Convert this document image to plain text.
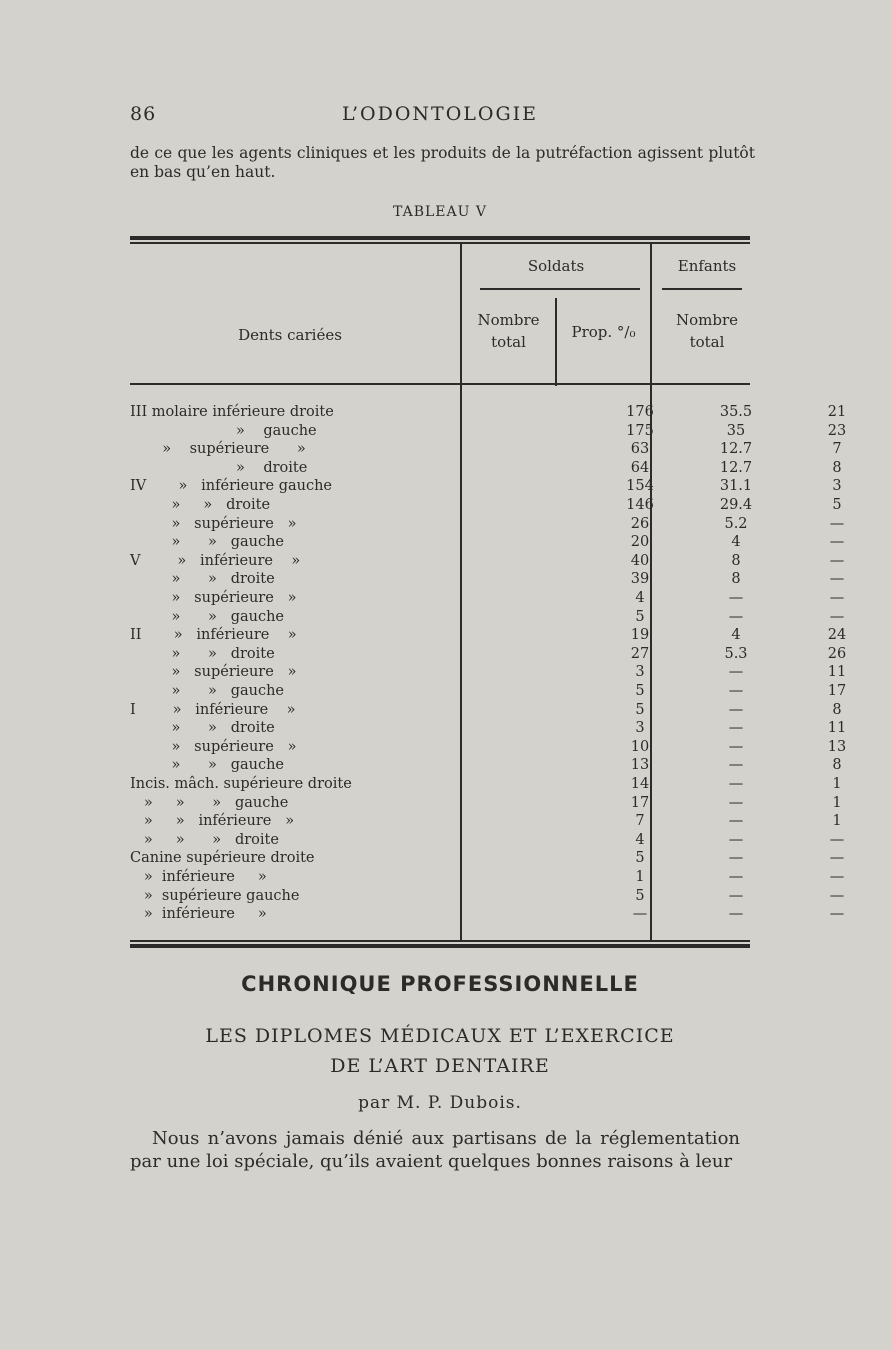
86	L’ODONTOLOGIE
de ce que les agents cliniques et les produits de la putréfaction agissent plutôt en bas qu’en haut.
TABLEAU V
Dents cariées
Soldats	Enfants
Nombre
total
Prop. °/₀
Nombre
total
III molaire inférieure droite	176	35.5	21
»    gauche	175	35	23
»    supérieure      »	63	12.7	7
»    droite	64	12.7	8
IV       »   inférieure gauche	154	31.1	3
»     »   droite	146	29.4	5
»   supérieure   »	26	5.2	—
»      »   gauche	20	4	—
V        »   inférieure    »	40	8	—
»      »   droite	39	8	—
»   supérieure   »	4	—	—
»      »   gauche	5	—	—
II       »   inférieure    »	19	4	24
»      »   droite	27	5.3	26
»   supérieure   »	3	—	11
»      »   gauche	5	—	17
I        »   inférieure    »	5	—	8
»      »   droite	3	—	11
»   supérieure   »	10	—	13
»      »   gauche	13	—	8
Incis. mâch. supérieure droite	14	—	1
»     »      »   gauche	17	—	1
»     »   inférieure   »	7	—	1
»     »      »   droite	4	—	—
Canine supérieure droite	5	—	—
»  inférieure     »	1	—	—
»  supérieure gauche	5	—	—
»  inférieure     »	—	—	—
CHRONIQUE PROFESSIONNELLE
LES DIPLOMES MÉDICAUX ET L’EXERCICE
DE L’ART DENTAIRE
par M. P. Dubois.
Nous n’avons jamais dénié aux partisans de la réglementation par une loi spéciale, qu’ils avaient quelques bonnes raisons à leur
